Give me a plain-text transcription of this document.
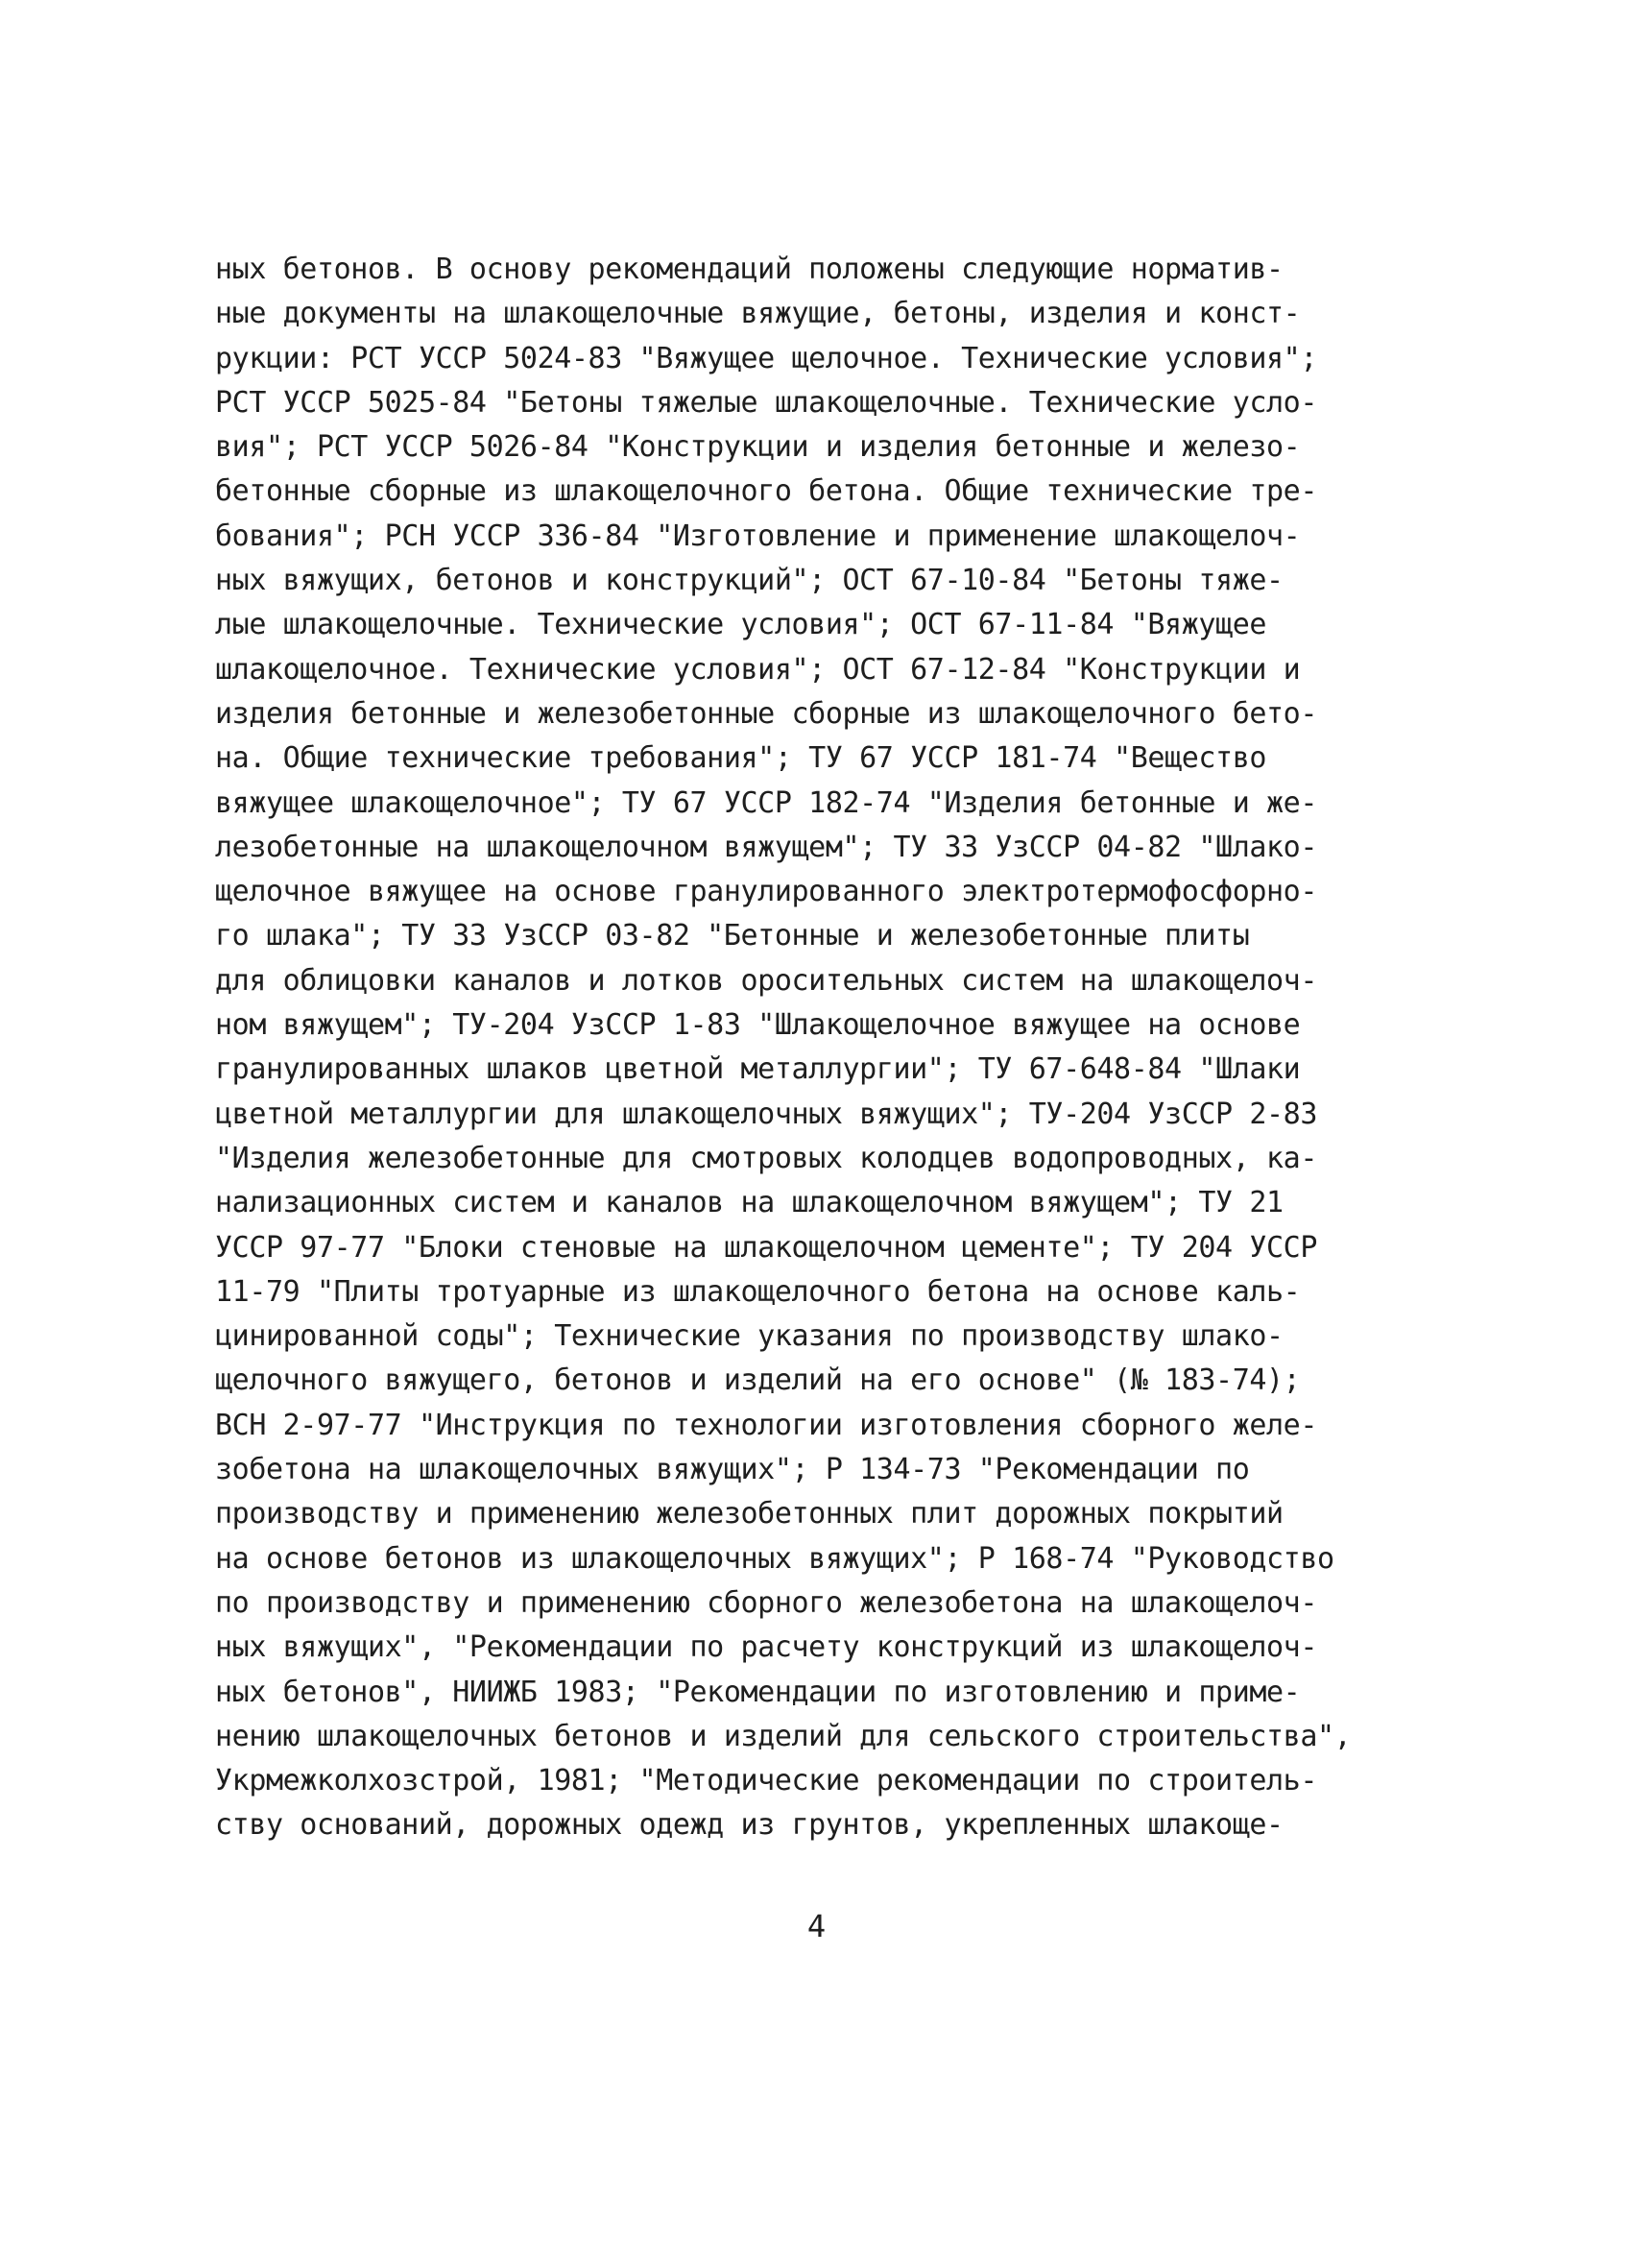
ных бетонов. В основу рекомендаций положены следующие норматив-
ные документы на шлакощелочные вяжущие, бетоны, изделия и конст-
рукции: РСТ УССР 5024-83 "Вяжущее щелочное. Технические условия";
РСТ УССР 5025-84 "Бетоны тяжелые шлакощелочные. Технические усло-
вия"; РСТ УССР 5026-84 "Конструкции и изделия бетонные и железо-
бетонные сборные из шлакощелочного бетона. Общие технические тре-
бования"; РСН УССР 336-84 "Изготовление и применение шлакощелоч-
ных вяжущих, бетонов и конструкций"; ОСТ 67-10-84 "Бетоны тяже-
лые шлакощелочные. Технические условия"; ОСТ 67-11-84 "Вяжущее
шлакощелочное. Технические условия"; ОСТ 67-12-84 "Конструкции и
изделия бетонные и железобетонные сборные из шлакощелочного бето-
на. Общие технические требования"; ТУ 67 УССР 181-74 "Вещество
вяжущее шлакощелочное"; ТУ 67 УССР 182-74 "Изделия бетонные и же-
лезобетонные на шлакощелочном вяжущем"; ТУ 33 УзССР 04-82 "Шлако-
щелочное вяжущее на основе гранулированного электротермофосфорно-
го шлака"; ТУ 33 УзССР 03-82 "Бетонные и железобетонные плиты
для облицовки каналов и лотков оросительных систем на шлакощелоч-
ном вяжущем"; ТУ-204 УзССР 1-83 "Шлакощелочное вяжущее на основе
гранулированных шлаков цветной металлургии"; ТУ 67-648-84 "Шлаки
цветной металлургии для шлакощелочных вяжущих"; ТУ-204 УзССР 2-83
"Изделия железобетонные для смотровых колодцев водопроводных, ка-
нализационных систем и каналов на шлакощелочном вяжущем"; ТУ 21
УССР 97-77 "Блоки стеновые на шлакощелочном цементе"; ТУ 204 УССР
11-79 "Плиты тротуарные из шлакощелочного бетона на основе каль-
цинированной соды"; Технические указания по производству шлако-
щелочного вяжущего, бетонов и изделий на его основе" (№ 183-74);
ВСН 2-97-77 "Инструкция по технологии изготовления сборного желе-
зобетона на шлакощелочных вяжущих"; Р 134-73 "Рекомендации по
производству и применению железобетонных плит дорожных покрытий
на основе бетонов из шлакощелочных вяжущих"; Р 168-74 "Руководство
по производству и применению сборного железобетона на шлакощелоч-
ных вяжущих", "Рекомендации по расчету конструкций из шлакощелоч-
ных бетонов", НИИЖБ 1983; "Рекомендации по изготовлению и приме-
нению шлакощелочных бетонов и изделий для сельского строительства",
Укрмежколхозстрой, 1981; "Методические рекомендации по строитель-
ству оснований, дорожных одежд из грунтов, укрепленных шлакоще-
4
